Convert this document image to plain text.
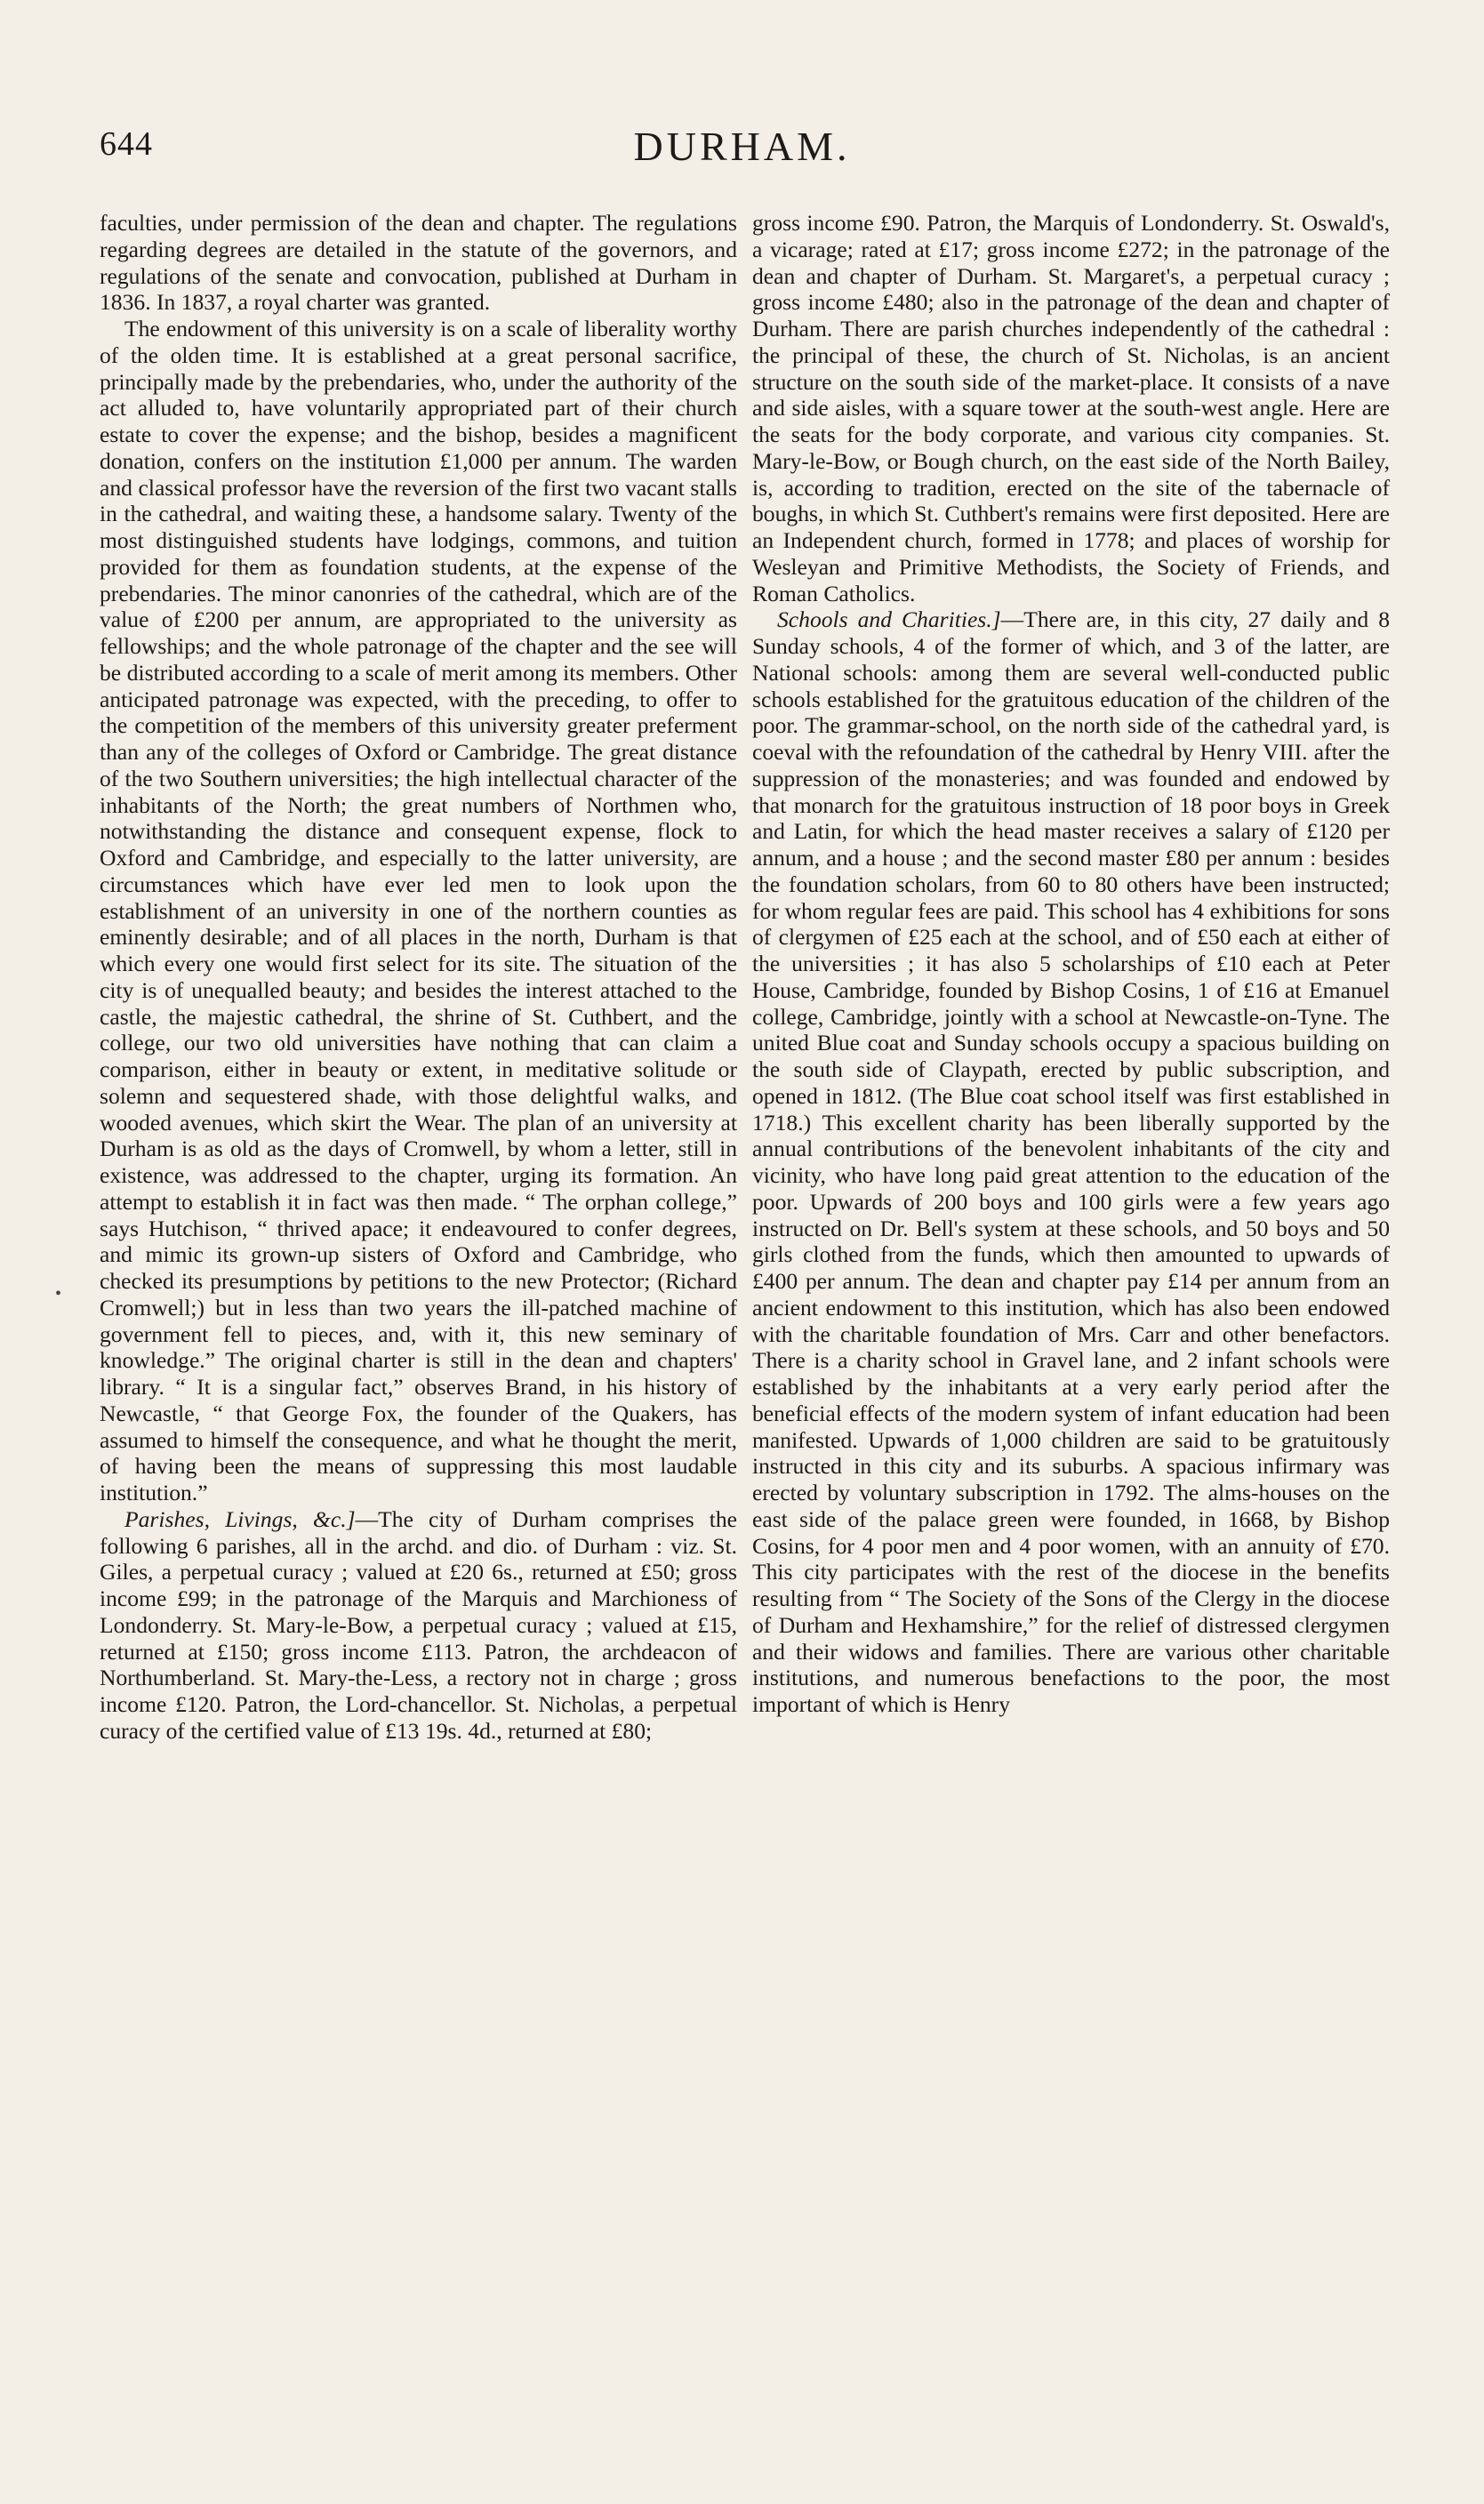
644	DURHAM.
•

faculties, under permission of the dean and chapter. The regulations regarding degrees are detailed in the statute of the governors, and regulations of the senate and convocation, published at Durham in 1836. In 1837, a royal charter was granted.

The endowment of this university is on a scale of liberality worthy of the olden time. It is established at a great personal sacrifice, principally made by the prebendaries, who, under the authority of the act alluded to, have voluntarily appropriated part of their church estate to cover the expense; and the bishop, besides a magnificent donation, confers on the institution £1,000 per annum. The warden and classical professor have the reversion of the first two vacant stalls in the cathedral, and waiting these, a handsome salary. Twenty of the most distinguished students have lodgings, commons, and tuition provided for them as foundation students, at the expense of the prebendaries. The minor canonries of the cathedral, which are of the value of £200 per annum, are appropriated to the university as fellowships; and the whole patronage of the chapter and the see will be distributed according to a scale of merit among its members. Other anticipated patronage was expected, with the preceding, to offer to the competition of the members of this university greater preferment than any of the colleges of Oxford or Cambridge. The great distance of the two Southern universities; the high intellectual character of the inhabitants of the North; the great numbers of Northmen who, notwithstanding the distance and consequent expense, flock to Oxford and Cambridge, and especially to the latter university, are circumstances which have ever led men to look upon the establishment of an university in one of the northern counties as eminently desirable; and of all places in the north, Durham is that which every one would first select for its site. The situation of the city is of unequalled beauty; and besides the interest attached to the castle, the majestic cathedral, the shrine of St. Cuthbert, and the college, our two old universities have nothing that can claim a comparison, either in beauty or extent, in meditative solitude or solemn and sequestered shade, with those delightful walks, and wooded avenues, which skirt the Wear. The plan of an university at Durham is as old as the days of Cromwell, by whom a letter, still in existence, was addressed to the chapter, urging its formation. An attempt to establish it in fact was then made. “ The orphan college,” says Hutchison, “ thrived apace; it endeavoured to confer degrees, and mimic its grown-up sisters of Oxford and Cambridge, who checked its presumptions by petitions to the new Protector; (Richard Cromwell;) but in less than two years the ill-patched machine of government fell to pieces, and, with it, this new seminary of knowledge.” The original charter is still in the dean and chapters' library. “ It is a singular fact,” observes Brand, in his history of Newcastle, “ that George Fox, the founder of the Quakers, has assumed to himself the consequence, and what he thought the merit, of having been the means of suppressing this most laudable institution.”

Parishes, Livings, &c.]—The city of Durham comprises the following 6 parishes, all in the archd. and dio. of Durham : viz. St. Giles, a perpetual curacy ; valued at £20 6s., returned at £50; gross income £99; in the patronage of the Marquis and Marchioness of Londonderry. St. Mary-le-Bow, a perpetual curacy ; valued at £15, returned at £150; gross income £113. Patron, the archdeacon of Northumberland. St. Mary-the-Less, a rectory not in charge ; gross income £120. Patron, the Lord-chancellor. St. Nicholas, a perpetual curacy of the certified value of £13 19s. 4d., returned at £80;

gross income £90. Patron, the Marquis of Londonderry. St. Oswald's, a vicarage; rated at £17; gross income £272; in the patronage of the dean and chapter of Durham. St. Margaret's, a perpetual curacy ; gross income £480; also in the patronage of the dean and chapter of Durham. There are parish churches independently of the cathedral : the principal of these, the church of St. Nicholas, is an ancient structure on the south side of the market-place. It consists of a nave and side aisles, with a square tower at the south-west angle. Here are the seats for the body corporate, and various city companies. St. Mary-le-Bow, or Bough church, on the east side of the North Bailey, is, according to tradition, erected on the site of the tabernacle of boughs, in which St. Cuthbert's remains were first deposited. Here are an Independent church, formed in 1778; and places of worship for Wesleyan and Primitive Methodists, the Society of Friends, and Roman Catholics.

Schools and Charities.]—There are, in this city, 27 daily and 8 Sunday schools, 4 of the former of which, and 3 of the latter, are National schools: among them are several well-conducted public schools established for the gratuitous education of the children of the poor. The grammar-school, on the north side of the cathedral yard, is coeval with the refoundation of the cathedral by Henry VIII. after the suppression of the monasteries; and was founded and endowed by that monarch for the gratuitous instruction of 18 poor boys in Greek and Latin, for which the head master receives a salary of £120 per annum, and a house ; and the second master £80 per annum : besides the foundation scholars, from 60 to 80 others have been instructed; for whom regular fees are paid. This school has 4 exhibitions for sons of clergymen of £25 each at the school, and of £50 each at either of the universities ; it has also 5 scholarships of £10 each at Peter House, Cambridge, founded by Bishop Cosins, 1 of £16 at Emanuel college, Cambridge, jointly with a school at Newcastle-on-Tyne. The united Blue coat and Sunday schools occupy a spacious building on the south side of Claypath, erected by public subscription, and opened in 1812. (The Blue coat school itself was first established in 1718.) This excellent charity has been liberally supported by the annual contributions of the benevolent inhabitants of the city and vicinity, who have long paid great attention to the education of the poor. Upwards of 200 boys and 100 girls were a few years ago instructed on Dr. Bell's system at these schools, and 50 boys and 50 girls clothed from the funds, which then amounted to upwards of £400 per annum. The dean and chapter pay £14 per annum from an ancient endowment to this institution, which has also been endowed with the charitable foundation of Mrs. Carr and other benefactors. There is a charity school in Gravel lane, and 2 infant schools were established by the inhabitants at a very early period after the beneficial effects of the modern system of infant education had been manifested. Upwards of 1,000 children are said to be gratuitously instructed in this city and its suburbs. A spacious infirmary was erected by voluntary subscription in 1792. The alms-houses on the east side of the palace green were founded, in 1668, by Bishop Cosins, for 4 poor men and 4 poor women, with an annuity of £70. This city participates with the rest of the diocese in the benefits resulting from “ The Society of the Sons of the Clergy in the diocese of Durham and Hexhamshire,” for the relief of distressed clergymen and their widows and families. There are various other charitable institutions, and numerous benefactions to the poor, the most important of which is Henry
